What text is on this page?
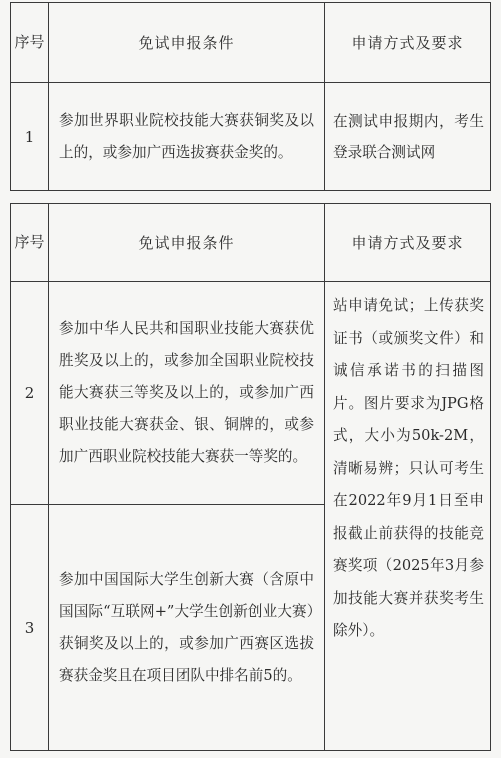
序号	免试申报条件	申请方式及要求
1	参加世界职业院校技能大赛获铜奖及以上的，或参加广西选拔赛获金奖的。	在测试申报期内，考生登录联合测试网
序号	免试申报条件	申请方式及要求
2	参加中华人民共和国职业技能大赛获优胜奖及以上的，或参加全国职业院校技能大赛获三等奖及以上的，或参加广西职业技能大赛获金、银、铜牌的，或参加广西职业院校技能大赛获一等奖的。	站申请免试；上传获奖证书（或颁奖文件）和诚信承诺书的扫描图片。图片要求为JPG格式，大小为50k-2M，清晰易辨；只认可考生在2022年9月1日至申报截止前获得的技能竞赛奖项（2025年3月参加技能大赛并获奖考生除外）。
3	参加中国国际大学生创新大赛（含原中国国际“互联网+”大学生创新创业大赛）获铜奖及以上的，或参加广西赛区选拔赛获金奖且在项目团队中排名前5的。	
